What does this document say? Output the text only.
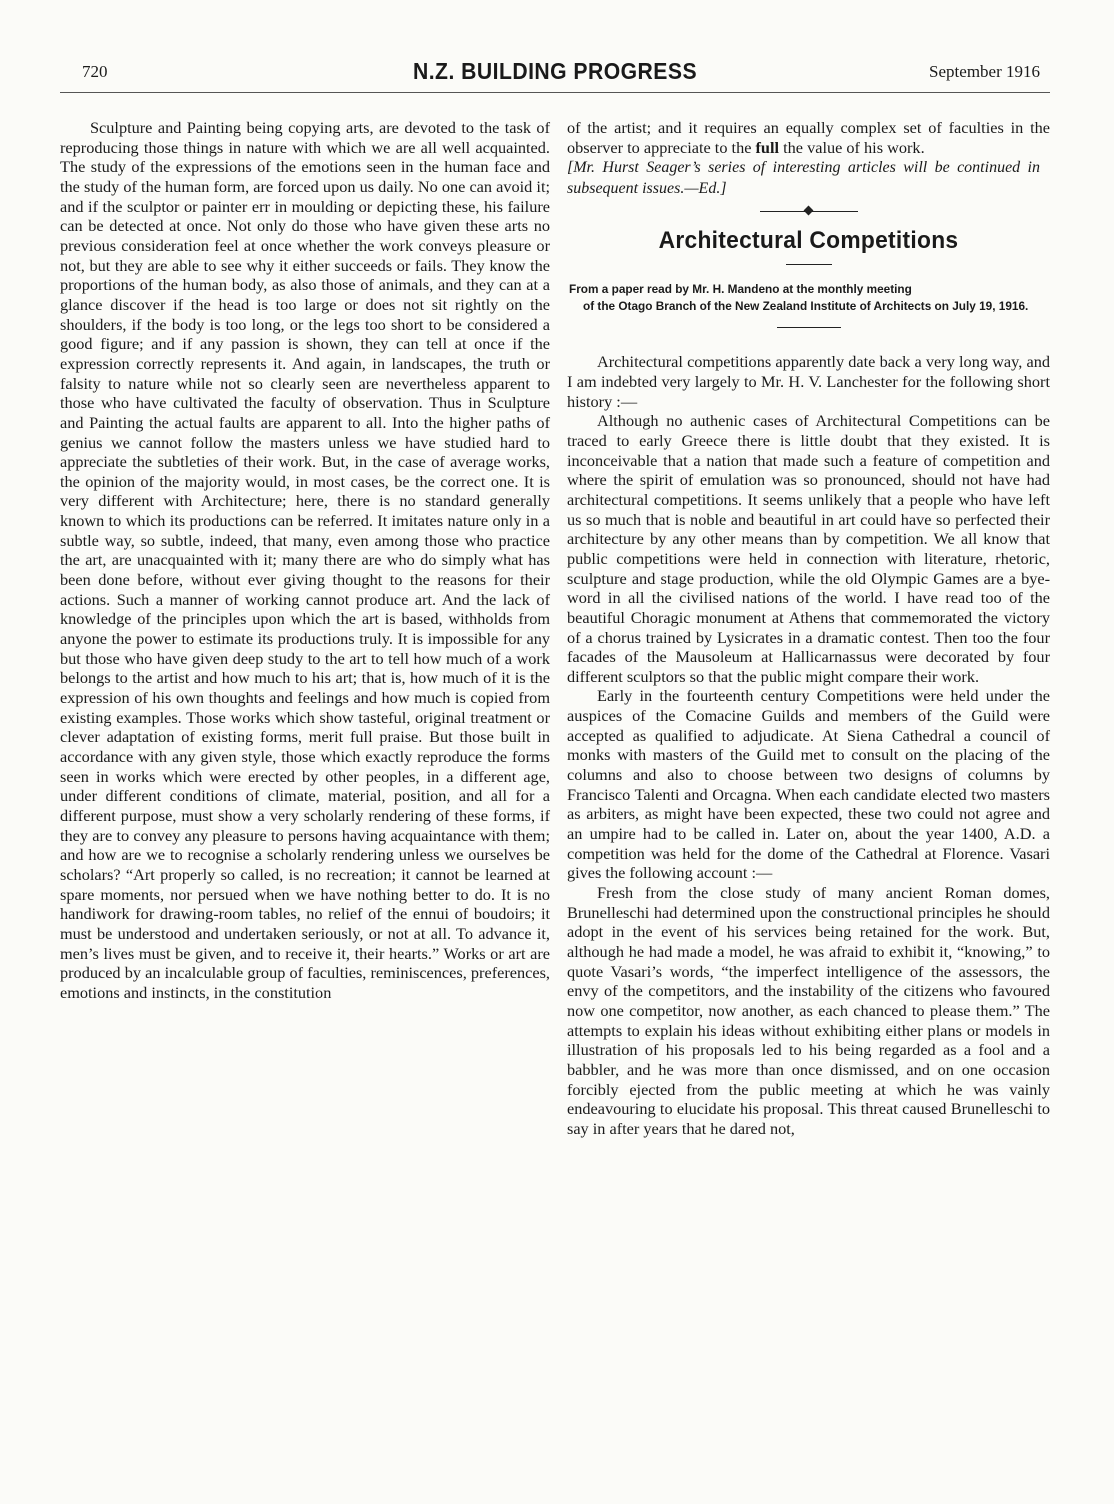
720	N.Z. BUILDING PROGRESS	September 1916

Sculpture and Painting being copying arts, are devoted to the task of reproducing those things in nature with which we are all well acquainted. The study of the expressions of the emotions seen in the human face and the study of the human form, are forced upon us daily. No one can avoid it; and if the sculptor or painter err in moulding or depicting these, his failure can be detected at once. Not only do those who have given these arts no previous consideration feel at once whether the work conveys pleasure or not, but they are able to see why it either succeeds or fails. They know the proportions of the human body, as also those of animals, and they can at a glance discover if the head is too large or does not sit rightly on the shoulders, if the body is too long, or the legs too short to be considered a good figure; and if any passion is shown, they can tell at once if the expression correctly represents it. And again, in landscapes, the truth or falsity to nature while not so clearly seen are nevertheless apparent to those who have cultivated the faculty of observation. Thus in Sculpture and Painting the actual faults are apparent to all. Into the higher paths of genius we cannot follow the masters unless we have studied hard to appreciate the subtleties of their work. But, in the case of average works, the opinion of the majority would, in most cases, be the correct one. It is very different with Architecture; here, there is no standard generally known to which its productions can be referred. It imitates nature only in a subtle way, so subtle, indeed, that many, even among those who practice the art, are unacquainted with it; many there are who do simply what has been done before, without ever giving thought to the reasons for their actions. Such a manner of working cannot produce art. And the lack of knowledge of the principles upon which the art is based, withholds from anyone the power to estimate its productions truly. It is impossible for any but those who have given deep study to the art to tell how much of a work belongs to the artist and how much to his art; that is, how much of it is the expression of his own thoughts and feelings and how much is copied from existing examples. Those works which show tasteful, original treatment or clever adaptation of existing forms, merit full praise. But those built in accordance with any given style, those which exactly reproduce the forms seen in works which were erected by other peoples, in a different age, under different conditions of climate, material, position, and all for a different purpose, must show a very scholarly rendering of these forms, if they are to convey any pleasure to persons having acquaintance with them; and how are we to recognise a scholarly rendering unless we ourselves be scholars? “Art properly so called, is no recreation; it cannot be learned at spare moments, nor persued when we have nothing better to do. It is no handiwork for drawing-room tables, no relief of the ennui of boudoirs; it must be understood and undertaken seriously, or not at all. To advance it, men’s lives must be given, and to receive it, their hearts.” Works or art are produced by an incalculable group of faculties, reminiscences, preferences, emotions and instincts, in the constitution

of the artist; and it requires an equally complex set of faculties in the observer to appreciate to the full the value of his work.

[Mr. Hurst Seager’s series of interesting articles will be continued in subsequent issues.—Ed.]

Architectural Competitions
From a paper read by Mr. H. Mandeno at the monthly meeting
of the Otago Branch of the New Zealand Institute of Architects on July 19, 1916.

Architectural competitions apparently date back a very long way, and I am indebted very largely to Mr. H. V. Lanchester for the following short history :—

Although no authenic cases of Architectural Competitions can be traced to early Greece there is little doubt that they existed. It is inconceivable that a nation that made such a feature of competition and where the spirit of emulation was so pronounced, should not have had architectural competitions. It seems unlikely that a people who have left us so much that is noble and beautiful in art could have so perfected their architecture by any other means than by competition. We all know that public competitions were held in connection with literature, rhetoric, sculpture and stage production, while the old Olympic Games are a bye-word in all the civilised nations of the world. I have read too of the beautiful Choragic monument at Athens that commemorated the victory of a chorus trained by Lysicrates in a dramatic contest. Then too the four facades of the Mausoleum at Hallicarnassus were decorated by four different sculptors so that the public might compare their work.

Early in the fourteenth century Competitions were held under the auspices of the Comacine Guilds and members of the Guild were accepted as qualified to adjudicate. At Siena Cathedral a council of monks with masters of the Guild met to consult on the placing of the columns and also to choose between two designs of columns by Francisco Talenti and Orcagna. When each candidate elected two masters as arbiters, as might have been expected, these two could not agree and an umpire had to be called in. Later on, about the year 1400, A.D. a competition was held for the dome of the Cathedral at Florence. Vasari gives the following account :—

Fresh from the close study of many ancient Roman domes, Brunelleschi had determined upon the constructional principles he should adopt in the event of his services being retained for the work. But, although he had made a model, he was afraid to exhibit it, “knowing,” to quote Vasari’s words, “the imperfect intelligence of the assessors, the envy of the competitors, and the instability of the citizens who favoured now one competitor, now another, as each chanced to please them.” The attempts to explain his ideas without exhibiting either plans or models in illustration of his proposals led to his being regarded as a fool and a babbler, and he was more than once dismissed, and on one occasion forcibly ejected from the public meeting at which he was vainly endeavouring to elucidate his proposal. This threat caused Brunelleschi to say in after years that he dared not,
